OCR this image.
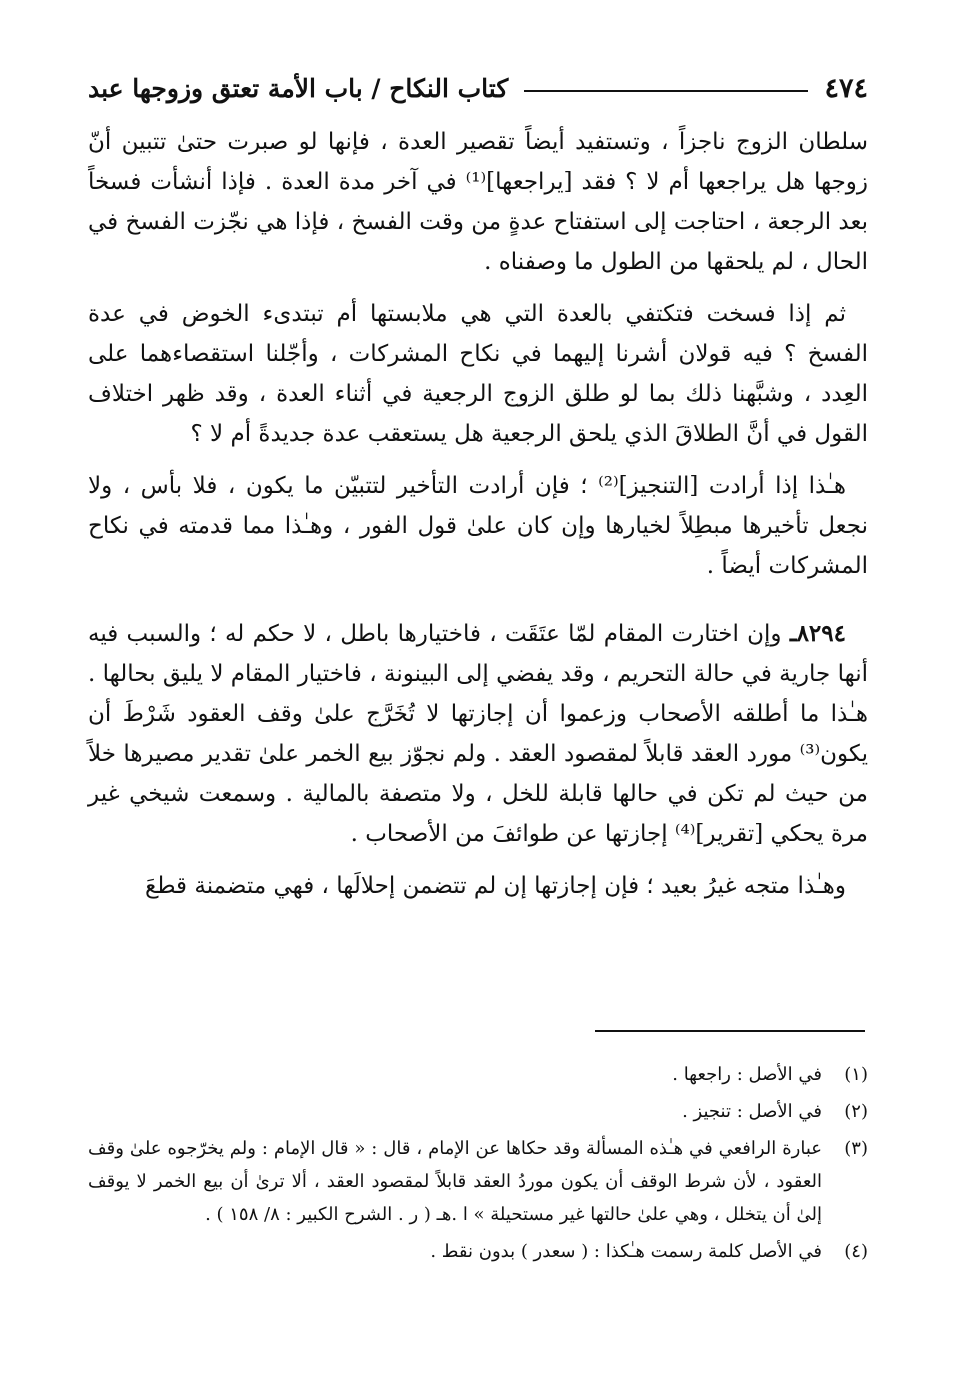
٤٧٤
كتاب النكاح / باب الأمة تعتق وزوجها عبد

سلطان الزوج ناجزاً ، وتستفيد أيضاً تقصير العدة ، فإنها لو صبرت حتىٰ تتبين أنّ زوجها هل يراجعها أم لا ؟ فقد [يراجعها]⁽¹⁾ في آخر مدة العدة . فإذا أنشأت فسخاً بعد الرجعة ، احتاجت إلى استفتاح عدةٍ من وقت الفسخ ، فإذا هي نجّزت الفسخ في الحال ، لم يلحقها من الطول ما وصفناه .

ثم إذا فسخت فتكتفي بالعدة التي هي ملابستها أم تبتدىء الخوض في عدة الفسخ ؟ فيه قولان أشرنا إليهما في نكاح المشركات ، وأجّلنا استقصاءهما على العِدد ، وشبَّهنا ذلك بما لو طلق الزوج الرجعية في أثناء العدة ، وقد ظهر اختلاف القول في أنَّ الطلاقَ الذي يلحق الرجعية هل يستعقب عدة جديدةً أم لا ؟

هـٰذا إذا أرادت [التنجيز]⁽²⁾ ؛ فإن أرادت التأخير لتتبيّن ما يكون ، فلا بأس ، ولا نجعل تأخيرها مبطِلاً لخيارها وإن كان علىٰ قول الفور ، وهـٰذا مما قدمته في نكاح المشركات أيضاً .

٨٢٩٤ـ وإن اختارت المقام لمّا عتَقَت ، فاختيارها باطل ، لا حكم له ؛ والسبب فيه أنها جارية في حالة التحريم ، وقد يفضي إلى البينونة ، فاختيار المقام لا يليق بحالها . هـٰذا ما أطلقه الأصحاب وزعموا أن إجازتها لا تُخَرَّج علىٰ وقف العقود شَرْطَ أن يكون⁽³⁾ مورد العقد قابلاً لمقصود العقد . ولم نجوّز بيع الخمر علىٰ تقدير مصيرها خلاً من حيث لم تكن في حالها قابلة للخل ، ولا متصفة بالمالية . وسمعت شيخي غير مرة يحكي [تقرير]⁽⁴⁾ إجازتها عن طوائفَ من الأصحاب .

وهـٰذا متجه غيرُ بعيد ؛ فإن إجازتها إن لم تتضمن إحلالَها ، فهي متضمنة قطعَ

(١)
في الأصل : راجعها .
(٢)
في الأصل : تنجيز .
(٣)
عبارة الرافعي في هـٰذه المسألة وقد حكاها عن الإمام ، قال : « قال الإمام : ولم يخرّجوه علىٰ وقف العقود ، لأن شرط الوقف أن يكون موردُ العقد قابلاً لمقصود العقد ، ألا ترىٰ أن بيع الخمر لا يوقف إلىٰ أن يتخلل ، وهي علىٰ حالتها غير مستحيلة » ا .هـ ( ر . الشرح الكبير : ٨/ ١٥٨ ) .
(٤)
في الأصل كلمة رسمت هـٰكذا : ( سعدر ) بدون نقط .
